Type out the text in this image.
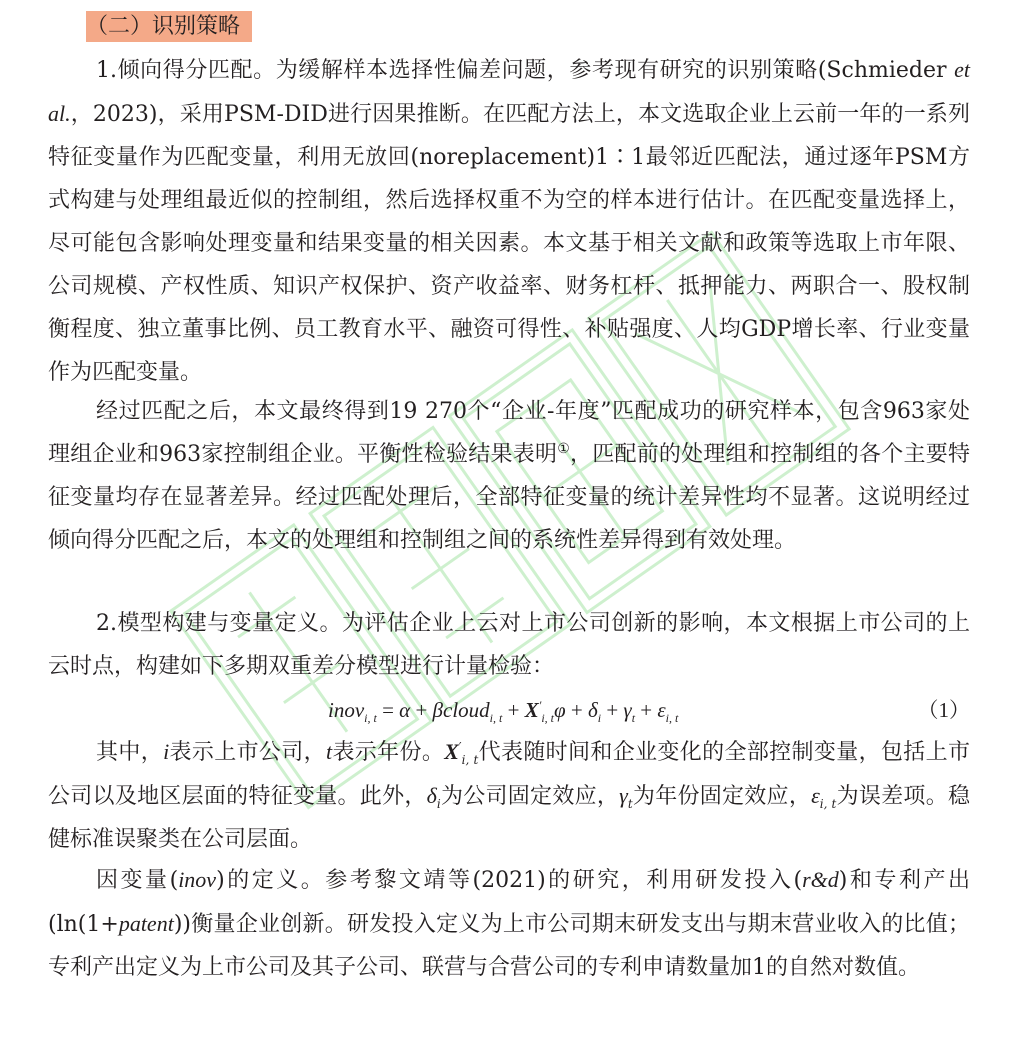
（二）识别策略
1.倾向得分匹配。为缓解样本选择性偏差问题，参考现有研究的识别策略(Schmieder et al.，2023)，采用PSM-DID进行因果推断。在匹配方法上，本文选取企业上云前一年的一系列特征变量作为匹配变量，利用无放回(noreplacement)1∶1最邻近匹配法，通过逐年PSM方式构建与处理组最近似的控制组，然后选择权重不为空的样本进行估计。在匹配变量选择上，尽可能包含影响处理变量和结果变量的相关因素。本文基于相关文献和政策等选取上市年限、公司规模、产权性质、知识产权保护、资产收益率、财务杠杆、抵押能力、两职合一、股权制衡程度、独立董事比例、员工教育水平、融资可得性、补贴强度、人均GDP增长率、行业变量作为匹配变量。
经过匹配之后，本文最终得到19 270个“企业-年度”匹配成功的研究样本，包含963家处理组企业和963家控制组企业。平衡性检验结果表明①，匹配前的处理组和控制组的各个主要特征变量均存在显著差异。经过匹配处理后，全部特征变量的统计差异性均不显著。这说明经过倾向得分匹配之后，本文的处理组和控制组之间的系统性差异得到有效处理。
2.模型构建与变量定义。为评估企业上云对上市公司创新的影响，本文根据上市公司的上云时点，构建如下多期双重差分模型进行计量检验：
inov$_{i, t}$ = α + βcloud$_{i, t}$ + $X'_{i, t}\varphi + \delta_i + \gamma_t + \varepsilon_{i, t}$	（1）
其中，i表示上市公司，t表示年份。$X'_{i, t}$代表随时间和企业变化的全部控制变量，包括上市公司以及地区层面的特征变量。此外，$\delta_i$为公司固定效应，$\gamma_t$为年份固定效应，$\varepsilon_{i, t}$为误差项。稳健标准误聚类在公司层面。
因变量(inov)的定义。参考黎文靖等(2021)的研究，利用研发投入(r&d)和专利产出(ln(1+patent))衡量企业创新。研发投入定义为上市公司期末研发支出与期末营业收入的比值；专利产出定义为上市公司及其子公司、联营与合营公司的专利申请数量加1的自然对数值。
